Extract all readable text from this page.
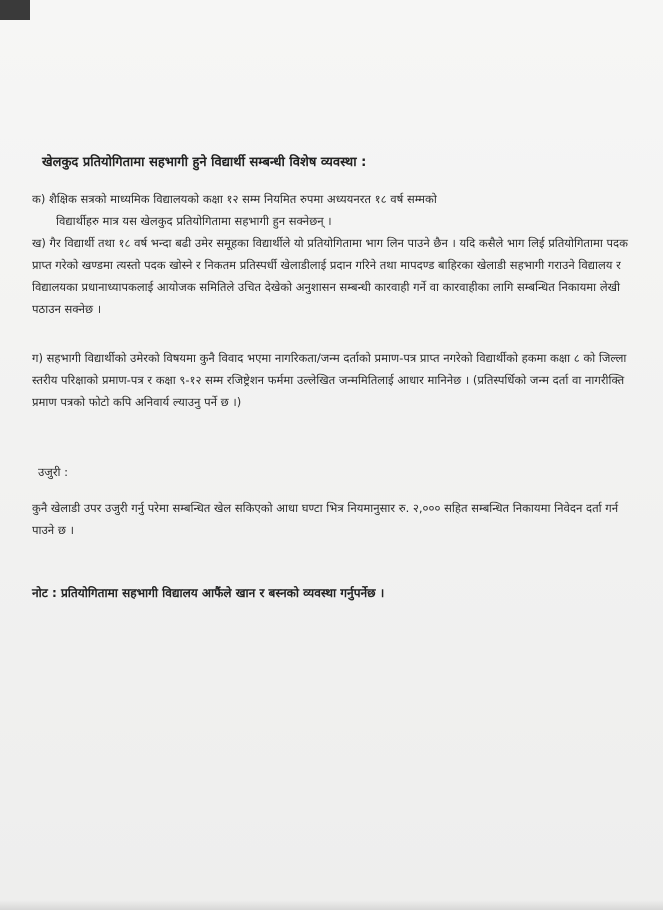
खेलकुद प्रतियोगितामा सहभागी हुने विद्यार्थी सम्बन्धी विशेष व्यवस्था :

क) शैक्षिक सत्रको माध्यमिक विद्यालयको कक्षा १२ सम्म नियमित रुपमा अध्ययनरत १८ वर्ष सम्मको

विद्यार्थीहरु मात्र यस खेलकुद प्रतियोगितामा सहभागी हुन सक्नेछन् ।

ख) गैर विद्यार्थी तथा १८ वर्ष भन्दा बढी उमेर समूहका विद्यार्थीले यो प्रतियोगितामा भाग लिन पाउने छैन । यदि कसैले भाग लिई प्रतियोगितामा पदक प्राप्त गरेको खण्डमा त्यस्तो पदक खोस्ने र निकतम प्रतिस्पर्धी खेलाडीलाई प्रदान गरिने तथा मापदण्ड बाहिरका खेलाडी सहभागी गराउने विद्यालय र विद्यालयका प्रधानाध्यापकलाई आयोजक समितिले उचित देखेको अनुशासन सम्बन्धी कारवाही गर्ने वा कारवाहीका लागि सम्बन्धित निकायमा लेखी पठाउन सक्नेछ ।

ग) सहभागी विद्यार्थीको उमेरको विषयमा कुनै विवाद भएमा नागरिकता/जन्म दर्ताको प्रमाण-पत्र प्राप्त नगरेको विद्यार्थीको हकमा कक्षा ८ को जिल्ला स्तरीय परिक्षाको प्रमाण-पत्र र कक्षा ९-१२ सम्म रजिष्ट्रेशन फर्ममा उल्लेखित जन्ममितिलाई आधार मानिनेछ । (प्रतिस्पर्धिको जन्म दर्ता वा नागरीक्ति प्रमाण पत्रको फोटो कपि अनिवार्य ल्याउनु पर्ने छ ।)

उजुरी :

कुनै खेलाडी उपर उजुरी गर्नु परेमा सम्बन्धित खेल सकिएको आधा घण्टा भित्र नियमानुसार रु. २,००० सहित सम्बन्धित निकायमा निवेदन दर्ता गर्न पाउने छ ।

नोट : प्रतियोगितामा सहभागी विद्यालय आफैंले खान र बस्नको व्यवस्था गर्नुपर्नेछ ।
